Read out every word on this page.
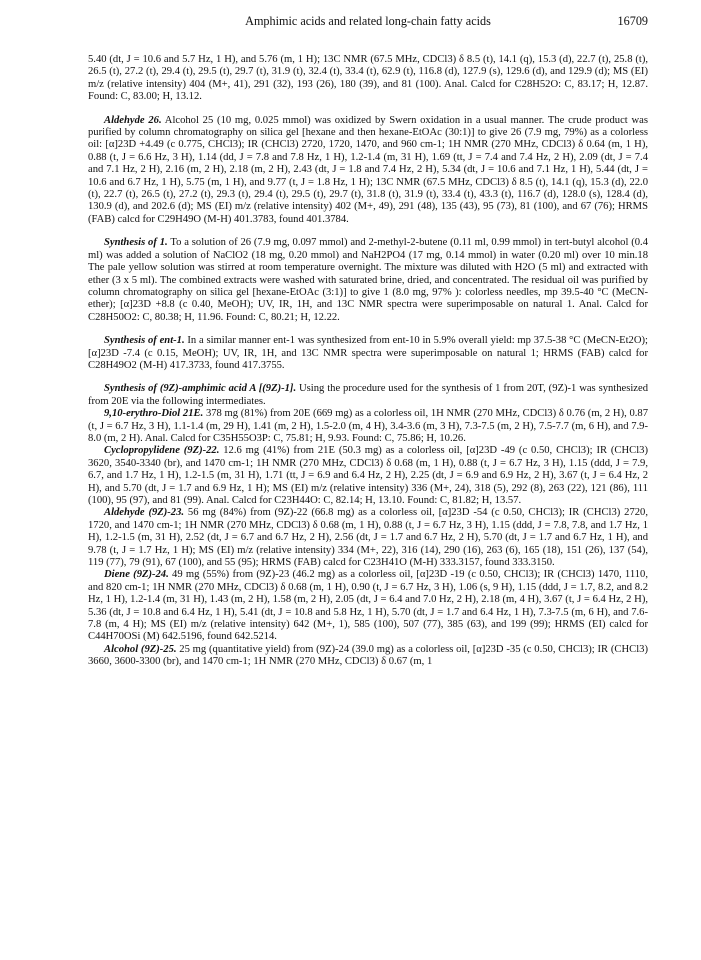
Amphimic acids and related long-chain fatty acids	16709

5.40 (dt, J = 10.6 and 5.7 Hz, 1 H), and 5.76 (m, 1 H); 13C NMR (67.5 MHz, CDCl3) δ 8.5 (t), 14.1 (q), 15.3 (d), 22.7 (t), 25.8 (t), 26.5 (t), 27.2 (t), 29.4 (t), 29.5 (t), 29.7 (t), 31.9 (t), 32.4 (t), 33.4 (t), 62.9 (t), 116.8 (d), 127.9 (s), 129.6 (d), and 129.9 (d); MS (EI) m/z (relative intensity) 404 (M+, 41), 291 (32), 193 (26), 180 (39), and 81 (100). Anal. Calcd for C28H52O: C, 83.17; H, 12.87. Found: C, 83.00; H, 13.12.

Aldehyde 26. Alcohol 25 (10 mg, 0.025 mmol) was oxidized by Swern oxidation in a usual manner. The crude product was purified by column chromatography on silica gel [hexane and then hexane-EtOAc (30:1)] to give 26 (7.9 mg, 79%) as a colorless oil: [α]23D +4.49 (c 0.775, CHCl3); IR (CHCl3) 2720, 1720, 1470, and 960 cm-1; 1H NMR (270 MHz, CDCl3) δ 0.64 (m, 1 H), 0.88 (t, J = 6.6 Hz, 3 H), 1.14 (dd, J = 7.8 and 7.8 Hz, 1 H), 1.2-1.4 (m, 31 H), 1.69 (tt, J = 7.4 and 7.4 Hz, 2 H), 2.09 (dt, J = 7.4 and 7.1 Hz, 2 H), 2.16 (m, 2 H), 2.18 (m, 2 H), 2.43 (dt, J = 1.8 and 7.4 Hz, 2 H), 5.34 (dt, J = 10.6 and 7.1 Hz, 1 H), 5.44 (dt, J = 10.6 and 6.7 Hz, 1 H), 5.75 (m, 1 H), and 9.77 (t, J = 1.8 Hz, 1 H); 13C NMR (67.5 MHz, CDCl3) δ 8.5 (t), 14.1 (q), 15.3 (d), 22.0 (t), 22.7 (t), 26.5 (t), 27.2 (t), 29.3 (t), 29.4 (t), 29.5 (t), 29.7 (t), 31.8 (t), 31.9 (t), 33.4 (t), 43.3 (t), 116.7 (d), 128.0 (s), 128.4 (d), 130.9 (d), and 202.6 (d); MS (EI) m/z (relative intensity) 402 (M+, 49), 291 (48), 135 (43), 95 (73), 81 (100), and 67 (76); HRMS (FAB) calcd for C29H49O (M-H) 401.3783, found 401.3784.

Synthesis of 1. To a solution of 26 (7.9 mg, 0.097 mmol) and 2-methyl-2-butene (0.11 ml, 0.99 mmol) in tert-butyl alcohol (0.4 ml) was added a solution of NaClO2 (18 mg, 0.20 mmol) and NaH2PO4 (17 mg, 0.14 mmol) in water (0.20 ml) over 10 min.18 The pale yellow solution was stirred at room temperature overnight. The mixture was diluted with H2O (5 ml) and extracted with ether (3 x 5 ml). The combined extracts were washed with saturated brine, dried, and concentrated. The residual oil was purified by column chromatography on silica gel [hexane-EtOAc (3:1)] to give 1 (8.0 mg, 97% ): colorless needles, mp 39.5-40 °C (MeCN-ether); [α]23D +8.8 (c 0.40, MeOH); UV, IR, 1H, and 13C NMR spectra were superimposable on natural 1. Anal. Calcd for C28H50O2: C, 80.38; H, 11.96. Found: C, 80.21; H, 12.22.

Synthesis of ent-1. In a similar manner ent-1 was synthesized from ent-10 in 5.9% overall yield: mp 37.5-38 °C (MeCN-Et2O); [α]23D -7.4 (c 0.15, MeOH); UV, IR, 1H, and 13C NMR spectra were superimposable on natural 1; HRMS (FAB) calcd for C28H49O2 (M-H) 417.3733, found 417.3755.

Synthesis of (9Z)-amphimic acid A [(9Z)-1]. Using the procedure used for the synthesis of 1 from 20T, (9Z)-1 was synthesized from 20E via the following intermediates.

9,10-erythro-Diol 21E. 378 mg (81%) from 20E (669 mg) as a colorless oil, 1H NMR (270 MHz, CDCl3) δ 0.76 (m, 2 H), 0.87 (t, J = 6.7 Hz, 3 H), 1.1-1.4 (m, 29 H), 1.41 (m, 2 H), 1.5-2.0 (m, 4 H), 3.4-3.6 (m, 3 H), 7.3-7.5 (m, 2 H), 7.5-7.7 (m, 6 H), and 7.9-8.0 (m, 2 H). Anal. Calcd for C35H55O3P: C, 75.81; H, 9.93. Found: C, 75.86; H, 10.26.

Cyclopropylidene (9Z)-22. 12.6 mg (41%) from 21E (50.3 mg) as a colorless oil, [α]23D -49 (c 0.50, CHCl3); IR (CHCl3) 3620, 3540-3340 (br), and 1470 cm-1; 1H NMR (270 MHz, CDCl3) δ 0.68 (m, 1 H), 0.88 (t, J = 6.7 Hz, 3 H), 1.15 (ddd, J = 7.9, 6.7, and 1.7 Hz, 1 H), 1.2-1.5 (m, 31 H), 1.71 (tt, J = 6.9 and 6.4 Hz, 2 H), 2.25 (dt, J = 6.9 and 6.9 Hz, 2 H), 3.67 (t, J = 6.4 Hz, 2 H), and 5.70 (dt, J = 1.7 and 6.9 Hz, 1 H); MS (EI) m/z (relative intensity) 336 (M+, 24), 318 (5), 292 (8), 263 (22), 121 (86), 111 (100), 95 (97), and 81 (99). Anal. Calcd for C23H44O: C, 82.14; H, 13.10. Found: C, 81.82; H, 13.57.

Aldehyde (9Z)-23. 56 mg (84%) from (9Z)-22 (66.8 mg) as a colorless oil, [α]23D -54 (c 0.50, CHCl3); IR (CHCl3) 2720, 1720, and 1470 cm-1; 1H NMR (270 MHz, CDCl3) δ 0.68 (m, 1 H), 0.88 (t, J = 6.7 Hz, 3 H), 1.15 (ddd, J = 7.8, 7.8, and 1.7 Hz, 1 H), 1.2-1.5 (m, 31 H), 2.52 (dt, J = 6.7 and 6.7 Hz, 2 H), 2.56 (dt, J = 1.7 and 6.7 Hz, 2 H), 5.70 (dt, J = 1.7 and 6.7 Hz, 1 H), and 9.78 (t, J = 1.7 Hz, 1 H); MS (EI) m/z (relative intensity) 334 (M+, 22), 316 (14), 290 (16), 263 (6), 165 (18), 151 (26), 137 (54), 119 (77), 79 (91), 67 (100), and 55 (95); HRMS (FAB) calcd for C23H41O (M-H) 333.3157, found 333.3150.

Diene (9Z)-24. 49 mg (55%) from (9Z)-23 (46.2 mg) as a colorless oil, [α]23D -19 (c 0.50, CHCl3); IR (CHCl3) 1470, 1110, and 820 cm-1; 1H NMR (270 MHz, CDCl3) δ 0.68 (m, 1 H), 0.90 (t, J = 6.7 Hz, 3 H), 1.06 (s, 9 H), 1.15 (ddd, J = 1.7, 8.2, and 8.2 Hz, 1 H), 1.2-1.4 (m, 31 H), 1.43 (m, 2 H), 1.58 (m, 2 H), 2.05 (dt, J = 6.4 and 7.0 Hz, 2 H), 2.18 (m, 4 H), 3.67 (t, J = 6.4 Hz, 2 H), 5.36 (dt, J = 10.8 and 6.4 Hz, 1 H), 5.41 (dt, J = 10.8 and 5.8 Hz, 1 H), 5.70 (dt, J = 1.7 and 6.4 Hz, 1 H), 7.3-7.5 (m, 6 H), and 7.6-7.8 (m, 4 H); MS (EI) m/z (relative intensity) 642 (M+, 1), 585 (100), 507 (77), 385 (63), and 199 (99); HRMS (EI) calcd for C44H70OSi (M) 642.5196, found 642.5214.

Alcohol (9Z)-25. 25 mg (quantitative yield) from (9Z)-24 (39.0 mg) as a colorless oil, [α]23D -35 (c 0.50, CHCl3); IR (CHCl3) 3660, 3600-3300 (br), and 1470 cm-1; 1H NMR (270 MHz, CDCl3) δ 0.67 (m, 1
